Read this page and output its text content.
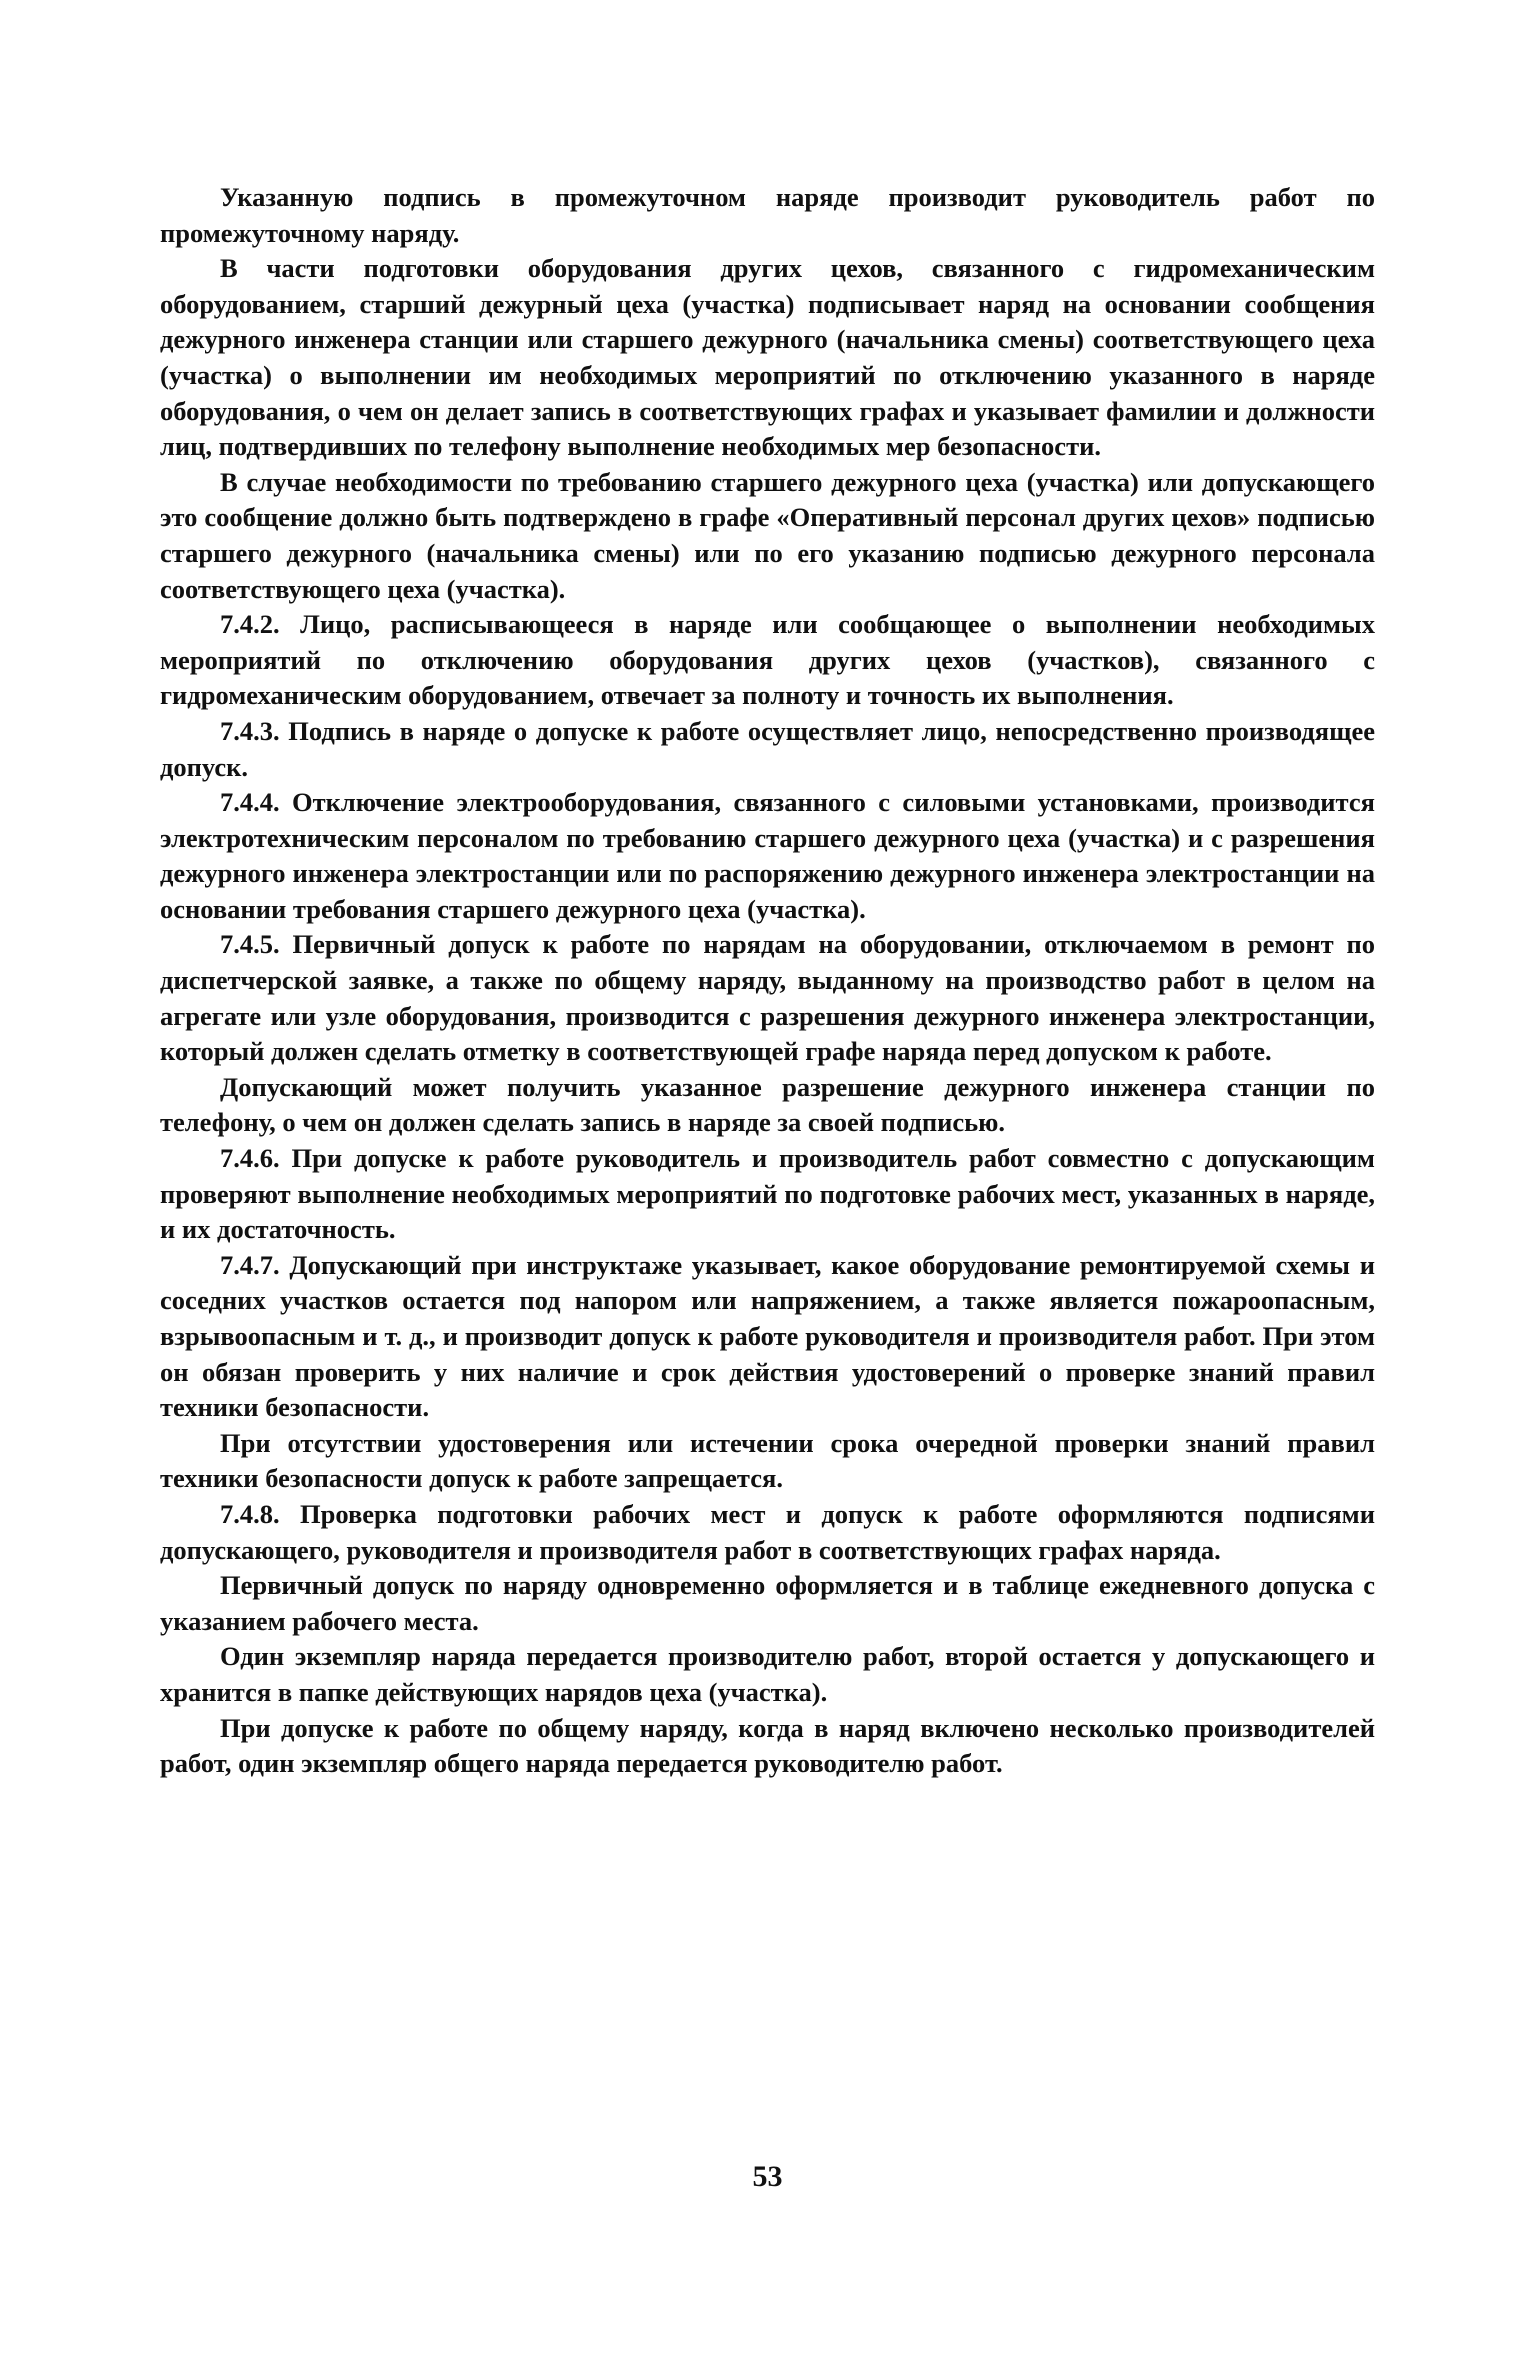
Указанную подпись в промежуточном наряде производит руководитель работ по промежуточному наряду.

В части подготовки оборудования других цехов, связанного с гидромеханическим оборудованием, старший дежурный цеха (участка) подписывает наряд на основании сообщения дежурного инженера станции или старшего дежурного (начальника смены) соответствующего цеха (участка) о выполнении им необходимых мероприятий по отключению указанного в наряде оборудования, о чем он делает запись в соответствующих графах и указывает фамилии и должности лиц, подтвердивших по телефону выполнение необходимых мер безопасности.

В случае необходимости по требованию старшего дежурного цеха (участка) или допускающего это сообщение должно быть подтверждено в графе «Оперативный персонал других цехов» подписью старшего дежурного (начальника смены) или по его указанию подписью дежурного персонала соответствующего цеха (участка).

7.4.2. Лицо, расписывающееся в наряде или сообщающее о выполнении необходимых мероприятий по отключению оборудования других цехов (участков), связанного с гидромеханическим оборудованием, отвечает за полноту и точность их выполнения.

7.4.3. Подпись в наряде о допуске к работе осуществляет лицо, непосредственно производящее допуск.

7.4.4. Отключение электрооборудования, связанного с силовыми установками, производится электротехническим персоналом по требованию старшего дежурного цеха (участка) и с разрешения дежурного инженера электростанции или по распоряжению дежурного инженера электростанции на основании требования старшего дежурного цеха (участка).

7.4.5. Первичный допуск к работе по нарядам на оборудовании, отключаемом в ремонт по диспетчерской заявке, а также по общему наряду, выданному на производство работ в целом на агрегате или узле оборудования, производится с разрешения дежурного инженера электростанции, который должен сделать отметку в соответствующей графе наряда перед допуском к работе.

Допускающий может получить указанное разрешение дежурного инженера станции по телефону, о чем он должен сделать запись в наряде за своей подписью.

7.4.6. При допуске к работе руководитель и производитель работ совместно с допускающим проверяют выполнение необходимых мероприятий по подготовке рабочих мест, указанных в наряде, и их достаточность.

7.4.7. Допускающий при инструктаже указывает, какое оборудование ремонтируемой схемы и соседних участков остается под напором или напряжением, а также является пожароопасным, взрывоопасным и т. д., и производит допуск к работе руководителя и производителя работ. При этом он обязан проверить у них наличие и срок действия удостоверений о проверке знаний правил техники безопасности.

При отсутствии удостоверения или истечении срока очередной проверки знаний правил техники безопасности допуск к работе запрещается.

7.4.8. Проверка подготовки рабочих мест и допуск к работе оформляются подписями допускающего, руководителя и производителя работ в соответствующих графах наряда.

Первичный допуск по наряду одновременно оформляется и в таблице ежедневного допуска с указанием рабочего места.

Один экземпляр наряда передается производителю работ, второй остается у допускающего и хранится в папке действующих нарядов цеха (участка).

При допуске к работе по общему наряду, когда в наряд включено несколько производителей работ, один экземпляр общего наряда передается руководителю работ.

53
